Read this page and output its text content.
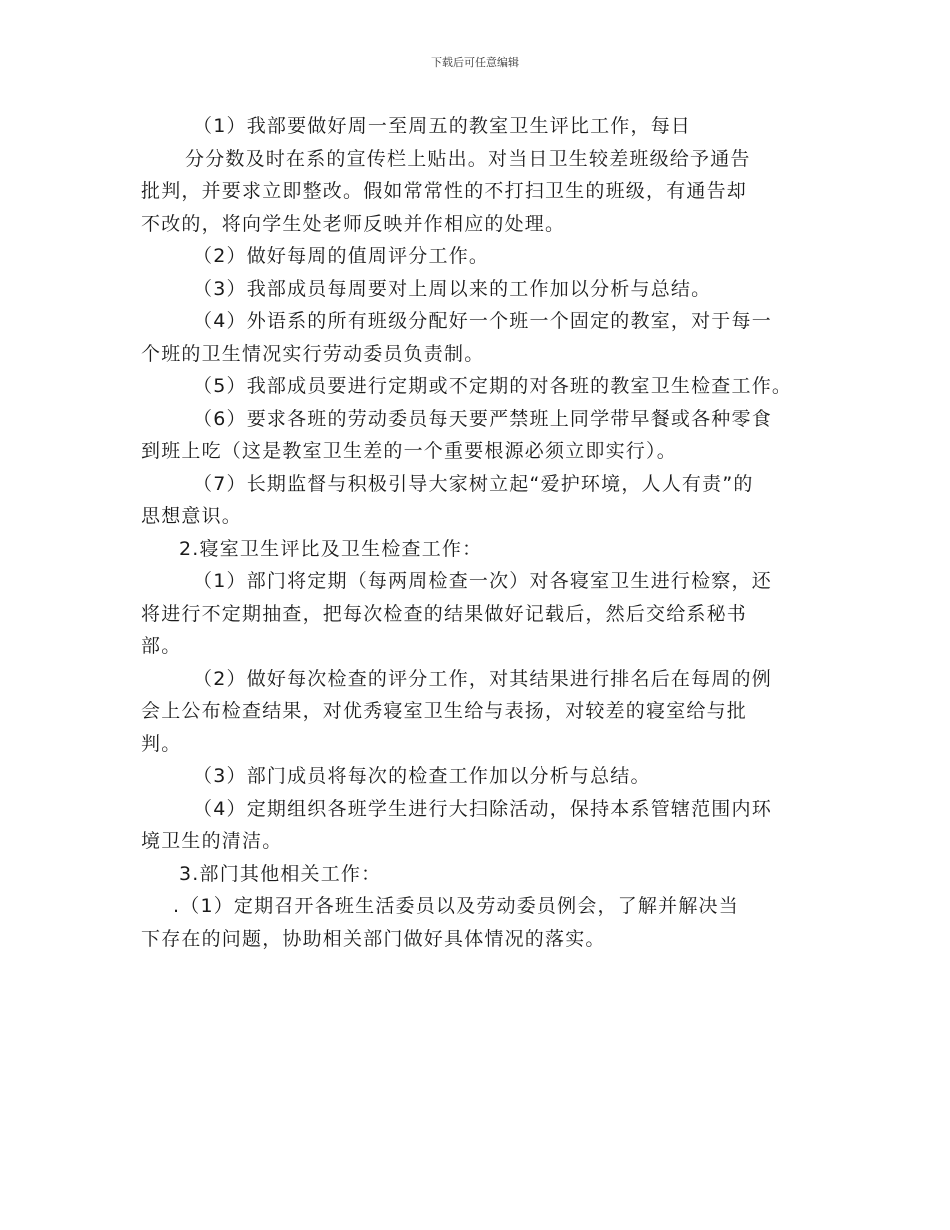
下载后可任意编辑
（1）我部要做好周一至周五的教室卫生评比工作，每日
分分数及时在系的宣传栏上贴出。对当日卫生较差班级给予通告
批判，并要求立即整改。假如常常性的不打扫卫生的班级，有通告却
不改的，将向学生处老师反映并作相应的处理。
（2）做好每周的值周评分工作。
（3）我部成员每周要对上周以来的工作加以分析与总结。
（4）外语系的所有班级分配好一个班一个固定的教室，对于每一
个班的卫生情况实行劳动委员负责制。
（5）我部成员要进行定期或不定期的对各班的教室卫生检查工作。
（6）要求各班的劳动委员每天要严禁班上同学带早餐或各种零食
到班上吃（这是教室卫生差的一个重要根源必须立即实行）。
（7）长期监督与积极引导大家树立起“爱护环境，人人有责”的
思想意识。
2.寝室卫生评比及卫生检查工作：
（1）部门将定期（每两周检查一次）对各寝室卫生进行检察，还
将进行不定期抽查，把每次检查的结果做好记载后，然后交给系秘书
部。
（2）做好每次检查的评分工作，对其结果进行排名后在每周的例
会上公布检查结果，对优秀寝室卫生给与表扬，对较差的寝室给与批
判。
（3）部门成员将每次的检查工作加以分析与总结。
（4）定期组织各班学生进行大扫除活动，保持本系管辖范围内环
境卫生的清洁。
3.部门其他相关工作：
.（1）定期召开各班生活委员以及劳动委员例会，了解并解决当
下存在的问题，协助相关部门做好具体情况的落实。
